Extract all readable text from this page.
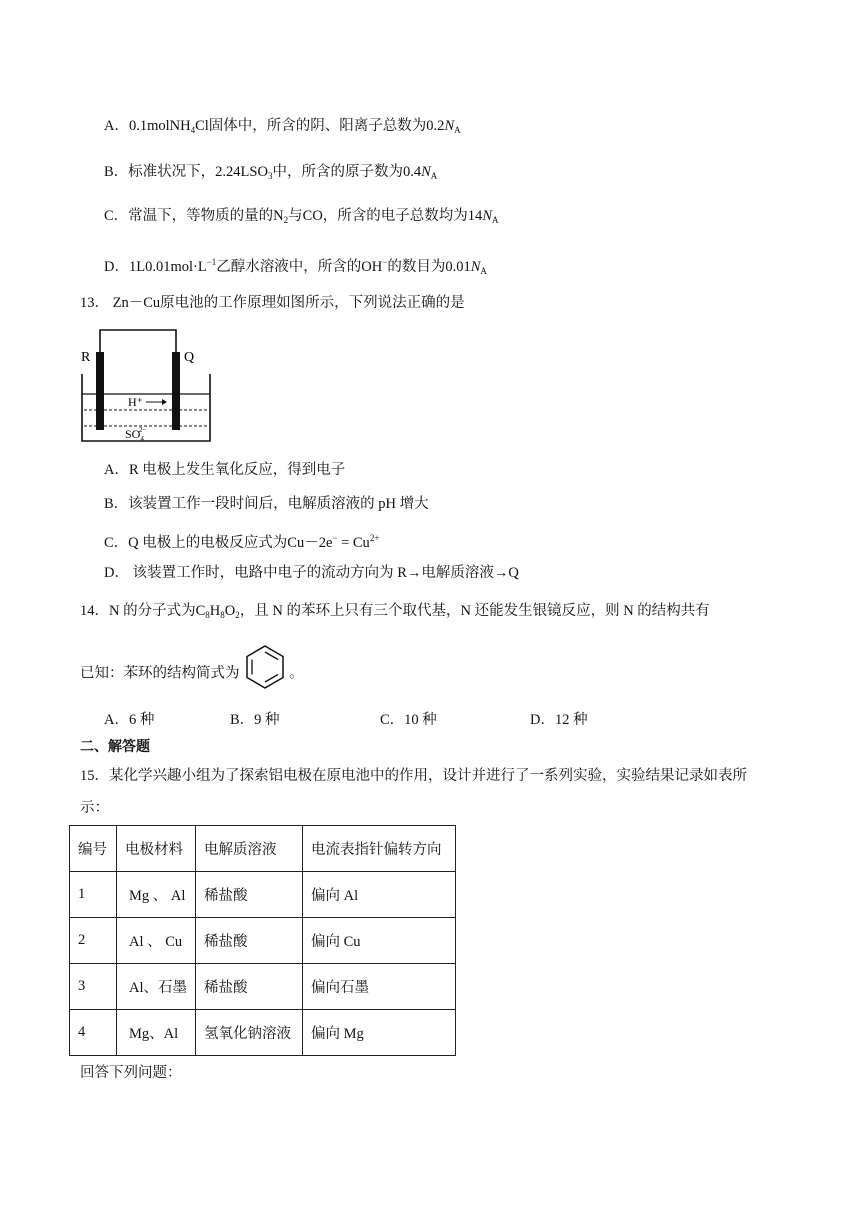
A．0.1molNH$_4$Cl固体中，所含的阴、阳离子总数为$0.2N_A$
B．标准状况下，$2.24LSO_3$中，所含的原子数为$0.4N_A$
C．常温下，等物质的量的$N_2$与CO，所含的电子总数均为$14N_A$
D．$1L0.01mol\cdot L^{-1}$乙醇水溶液中，所含的OH−的数目为$0.01N_A$
13． Zn－Cu原电池的工作原理如图所示，下列说法正确的是
R	Q
H⁺
$SO_42-$
A．R 电极上发生氧化反应，得到电子
B．该装置工作一段时间后，电解质溶液的 pH 增大
C．Q 电极上的电极反应式为$Cu-2e^- = Cu^{2+}$
D． 该装置工作时，电路中电子的流动方向为 R→电解质溶液→Q
14．N 的分子式为$C_8H_8O_2$，且 N 的苯环上只有三个取代基，N 还能发生银镜反应，则 N 的结构共有
已知：苯环的结构简式为	。
A．6 种	B．9 种	C．10 种	D．12 种
二、解答题
15．某化学兴趣小组为了探索铝电极在原电池中的作用，设计并进行了一系列实验，实验结果记录如表所
示：
编号	电极材料	电解质溶液	电流表指针偏转方向
1	Mg 、 Al	稀盐酸	偏向 Al
2	Al 、 Cu	稀盐酸	偏向 Cu
3	Al、石墨	稀盐酸	偏向石墨
4	Mg、Al	氢氧化钠溶液	偏向 Mg
回答下列问题：
